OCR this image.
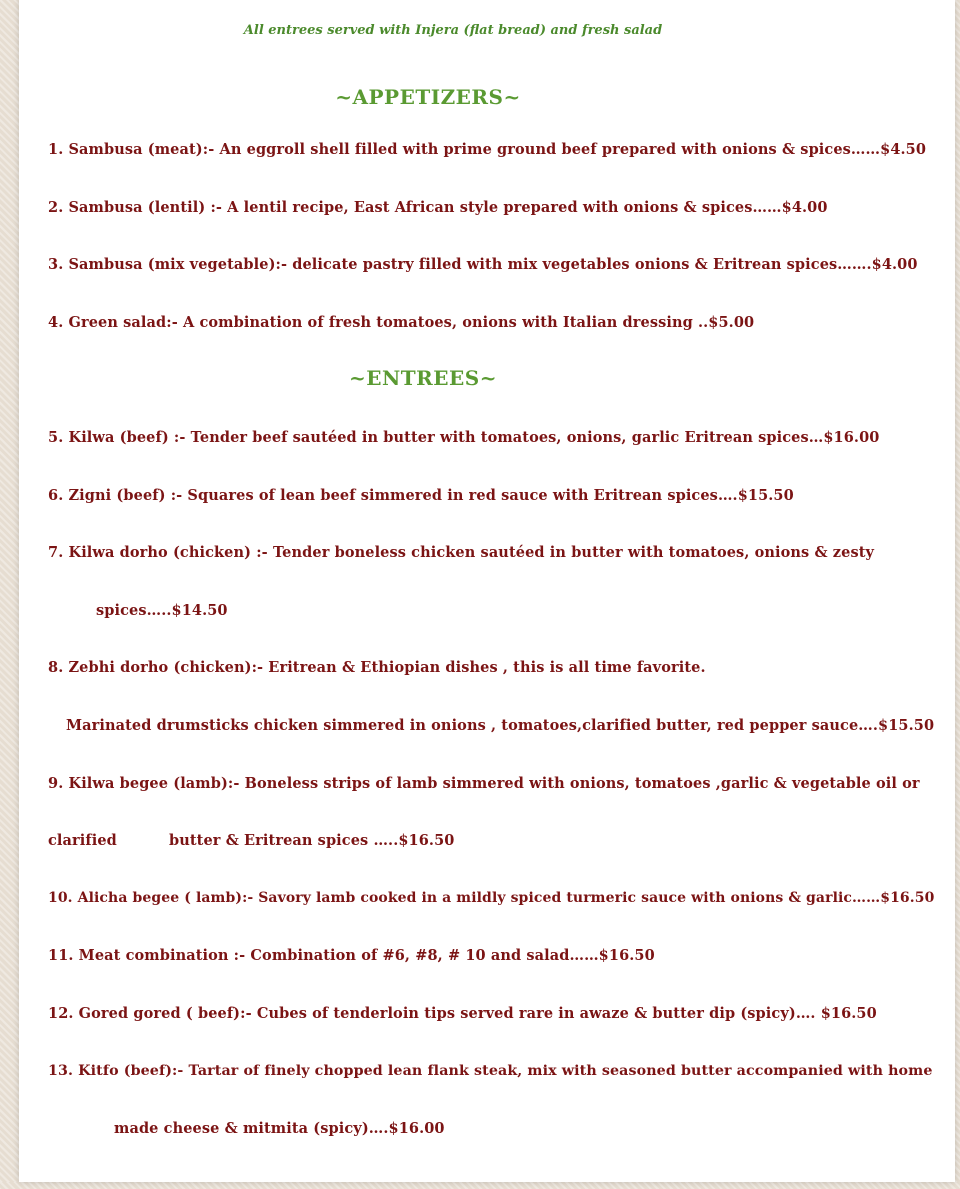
All entrees served with Injera (flat bread) and fresh salad
~APPETIZERS~
1. Sambusa (meat):- An eggroll shell filled with prime ground beef prepared with onions & spices……$4.50
2. Sambusa (lentil) :- A lentil recipe, East African style prepared with onions & spices……$4.00
3. Sambusa (mix vegetable):- delicate pastry filled with mix vegetables onions & Eritrean spices…….$4.00
4. Green salad:- A combination of fresh tomatoes, onions with Italian dressing ..$5.00
~ENTREES~
5. Kilwa (beef) :- Tender beef sautéed in butter with tomatoes, onions, garlic Eritrean spices…$16.00
6. Zigni (beef) :- Squares of lean beef simmered in red sauce with Eritrean spices….$15.50
7. Kilwa dorho (chicken) :- Tender boneless chicken sautéed in butter with tomatoes, onions & zesty
spices…..$14.50
8. Zebhi dorho (chicken):- Eritrean & Ethiopian dishes , this is all time favorite.
Marinated drumsticks chicken simmered in onions , tomatoes,clarified butter, red pepper sauce….$15.50
9. Kilwa begee (lamb):- Boneless strips of lamb simmered with onions, tomatoes ,garlic & vegetable oil or
clarified	butter & Eritrean spices …..$16.50
10. Alicha begee ( lamb):- Savory lamb cooked in a mildly spiced turmeric sauce with onions & garlic……$16.50
11. Meat combination :- Combination of #6, #8, # 10 and salad……$16.50
12. Gored gored ( beef):- Cubes of tenderloin tips served rare in awaze & butter dip (spicy)…. $16.50
13. Kitfo (beef):- Tartar of finely chopped lean flank steak, mix with seasoned butter accompanied with home
made cheese & mitmita (spicy)….$16.00
